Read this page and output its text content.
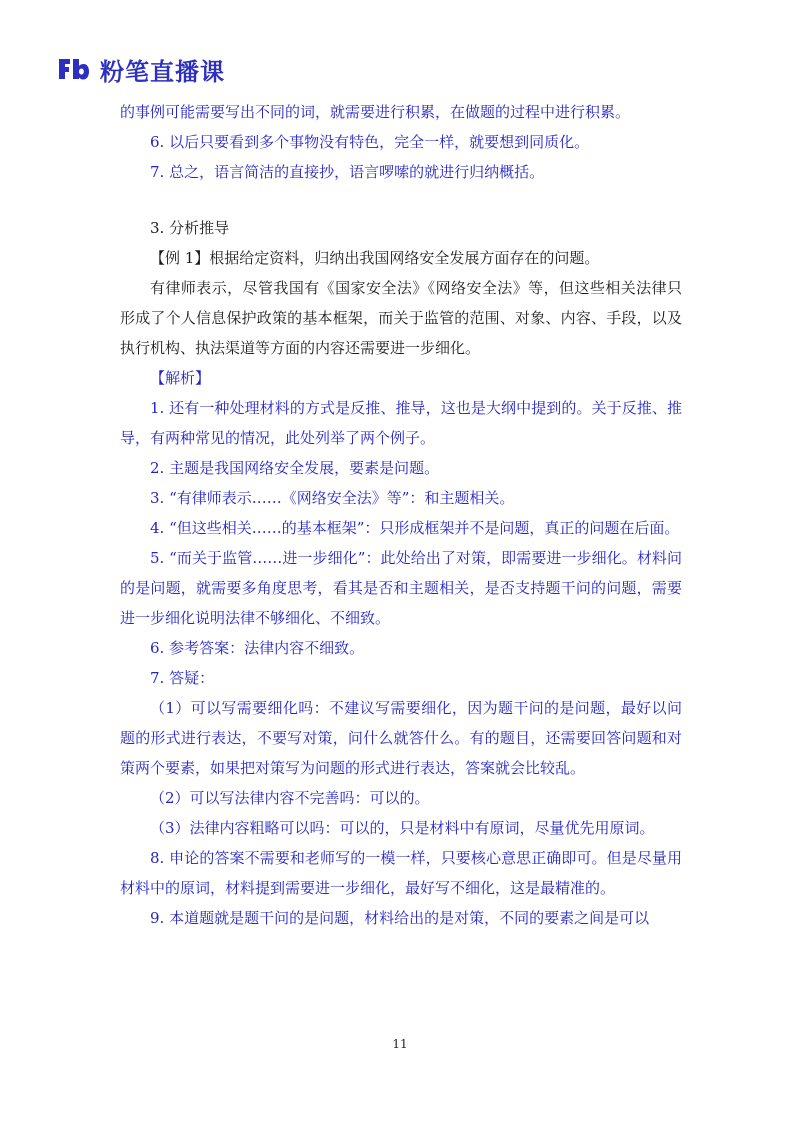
粉笔直播课

的事例可能需要写出不同的词，就需要进行积累，在做题的过程中进行积累。

6. 以后只要看到多个事物没有特色，完全一样，就要想到同质化。

7. 总之，语言简洁的直接抄，语言啰嗦的就进行归纳概括。

3. 分析推导

【例 1】根据给定资料，归纳出我国网络安全发展方面存在的问题。

有律师表示，尽管我国有《国家安全法》《网络安全法》等，但这些相关法律只形成了个人信息保护政策的基本框架，而关于监管的范围、对象、内容、手段，以及执行机构、执法渠道等方面的内容还需要进一步细化。

【解析】

1. 还有一种处理材料的方式是反推、推导，这也是大纲中提到的。关于反推、推导，有两种常见的情况，此处列举了两个例子。

2. 主题是我国网络安全发展，要素是问题。

3. “有律师表示……《网络安全法》等”：和主题相关。

4. “但这些相关……的基本框架”：只形成框架并不是问题，真正的问题在后面。

5. “而关于监管……进一步细化”：此处给出了对策，即需要进一步细化。材料问的是问题，就需要多角度思考，看其是否和主题相关，是否支持题干问的问题，需要进一步细化说明法律不够细化、不细致。

6. 参考答案：法律内容不细致。

7. 答疑：

（1）可以写需要细化吗：不建议写需要细化，因为题干问的是问题，最好以问题的形式进行表达，不要写对策，问什么就答什么。有的题目，还需要回答问题和对策两个要素，如果把对策写为问题的形式进行表达，答案就会比较乱。

（2）可以写法律内容不完善吗：可以的。

（3）法律内容粗略可以吗：可以的，只是材料中有原词，尽量优先用原词。

8. 申论的答案不需要和老师写的一模一样，只要核心意思正确即可。但是尽量用材料中的原词，材料提到需要进一步细化，最好写不细化，这是最精准的。

9. 本道题就是题干问的是问题，材料给出的是对策，不同的要素之间是可以

11
